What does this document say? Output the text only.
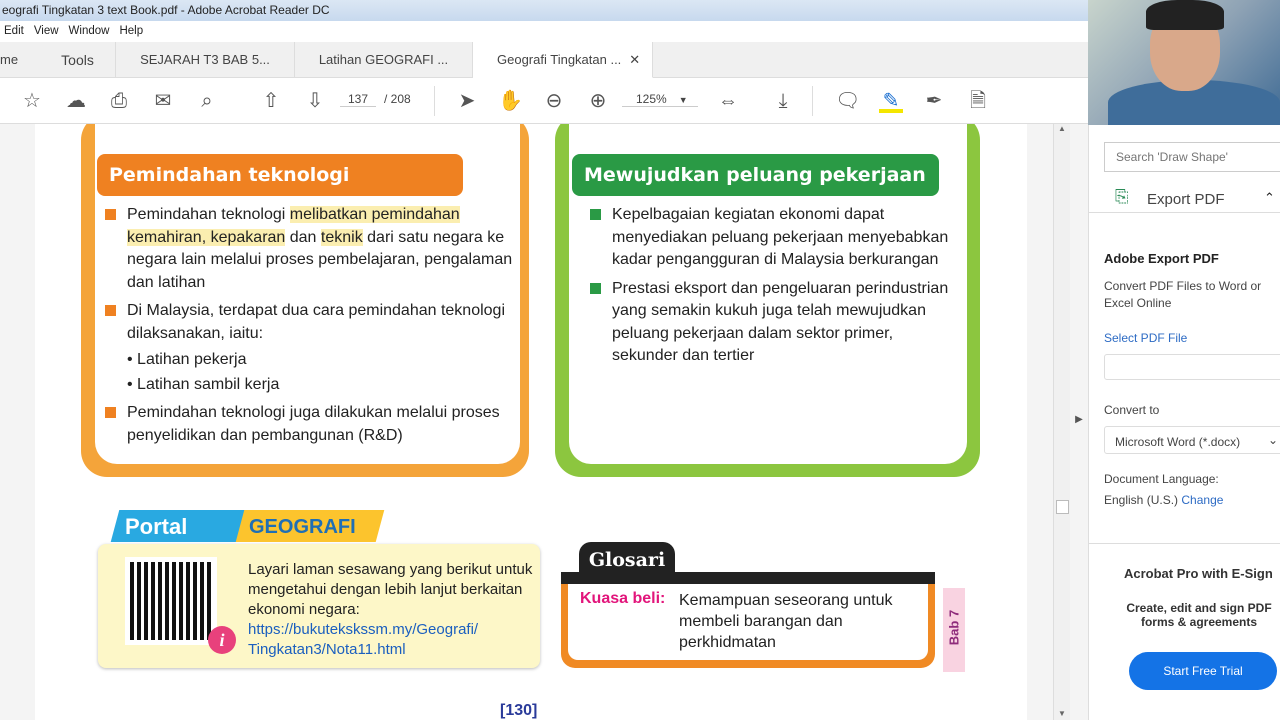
eografi Tingkatan 3 text Book.pdf - Adobe Acrobat Reader DC
Edit View Window Help
me	Tools	SEJARAH T3 BAB 5...	Latihan GEOGRAFI ...	Geografi Tingkatan ... ✕
☆ ☁ ⎙ ✉	⌕	⇧ ⇩	137	/ 208 ➤ ✋ ⊖ ⊕	125% ▼	⇔	⤓	🗨 ✎ ✒ 🗎
Pemindahan teknologi
Pemindahan teknologi melibatkan pemindahan kemahiran, kepakaran dan teknik dari satu negara ke negara lain melalui proses pembelajaran, pengalaman dan latihan
Di Malaysia, terdapat dua cara pemindahan teknologi dilaksanakan, iaitu:
• Latihan pekerja
• Latihan sambil kerja
Pemindahan teknologi juga dilakukan melalui proses penyelidikan dan pembangunan (R&D)
Mewujudkan peluang pekerjaan
Kepelbagaian kegiatan ekonomi dapat menyediakan peluang pekerjaan menyebabkan kadar pengangguran di Malaysia berkurangan
Prestasi eksport dan pengeluaran perindustrian yang semakin kukuh juga telah mewujudkan peluang pekerjaan dalam sektor primer, sekunder dan tertier
Portal	GEOGRAFI
i
Layari laman sesawang yang berikut untuk mengetahui dengan lebih lanjut berkaitan ekonomi negara:
https://bukutekskssm.my/Geografi/
Tingkatan3/Nota11.html
Glosari
Kuasa beli: Kemampuan seseorang untuk membeli barangan dan perkhidmatan	Bab 7
[130]
▲
▼
▶
Search 'Draw Shape'
⎘ Export PDF	⌃
Adobe Export PDF
Convert PDF Files to Word or Excel Online
Select PDF File
Convert to
Microsoft Word (*.docx) ⌄
Document Language:
English (U.S.) Change
Acrobat Pro with E-Sign
Create, edit and sign PDF forms & agreements
Start Free Trial
